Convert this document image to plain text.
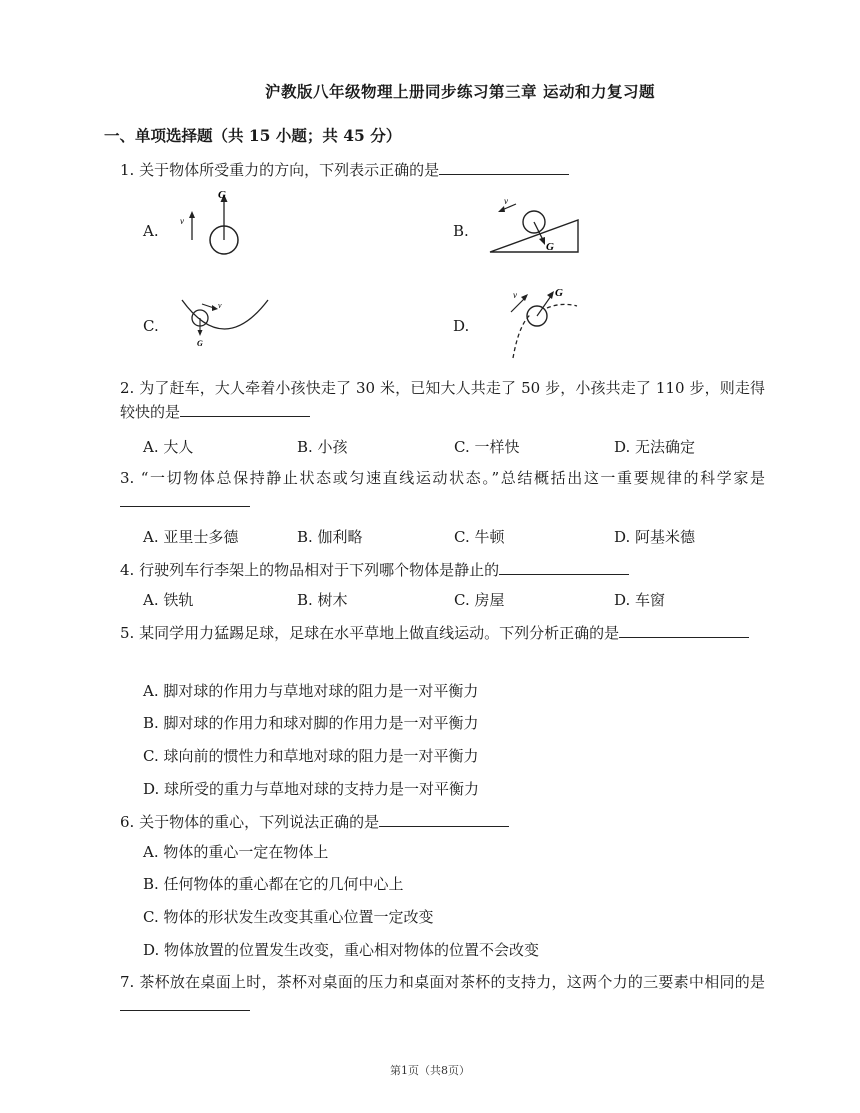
沪教版八年级物理上册同步练习第三章 运动和力复习题
一、单项选择题（共 15 小题；共 45 分）
1. 关于物体所受重力的方向，下列表示正确的是
A.	B.
C.	D.
G
v
v
G
v
G
v	G
2. 为了赶车，大人牵着小孩快走了 30 米，已知大人共走了 50 步，小孩共走了 110 步，则走得较快的是
A. 大人	B. 小孩	C. 一样快	D. 无法确定
3. “一切物体总保持静止状态或匀速直线运动状态。”总结概括出这一重要规律的科学家是
A. 亚里士多德	B. 伽利略	C. 牛顿	D. 阿基米德
4. 行驶列车行李架上的物品相对于下列哪个物体是静止的
A. 铁轨	B. 树木	C. 房屋	D. 车窗
5. 某同学用力猛踢足球，足球在水平草地上做直线运动。下列分析正确的是
A. 脚对球的作用力与草地对球的阻力是一对平衡力
B. 脚对球的作用力和球对脚的作用力是一对平衡力
C. 球向前的惯性力和草地对球的阻力是一对平衡力
D. 球所受的重力与草地对球的支持力是一对平衡力
6. 关于物体的重心，下列说法正确的是
A. 物体的重心一定在物体上
B. 任何物体的重心都在它的几何中心上
C. 物体的形状发生改变其重心位置一定改变
D. 物体放置的位置发生改变，重心相对物体的位置不会改变
7. 茶杯放在桌面上时，茶杯对桌面的压力和桌面对茶杯的支持力，这两个力的三要素中相同的是
第1页（共8页）
